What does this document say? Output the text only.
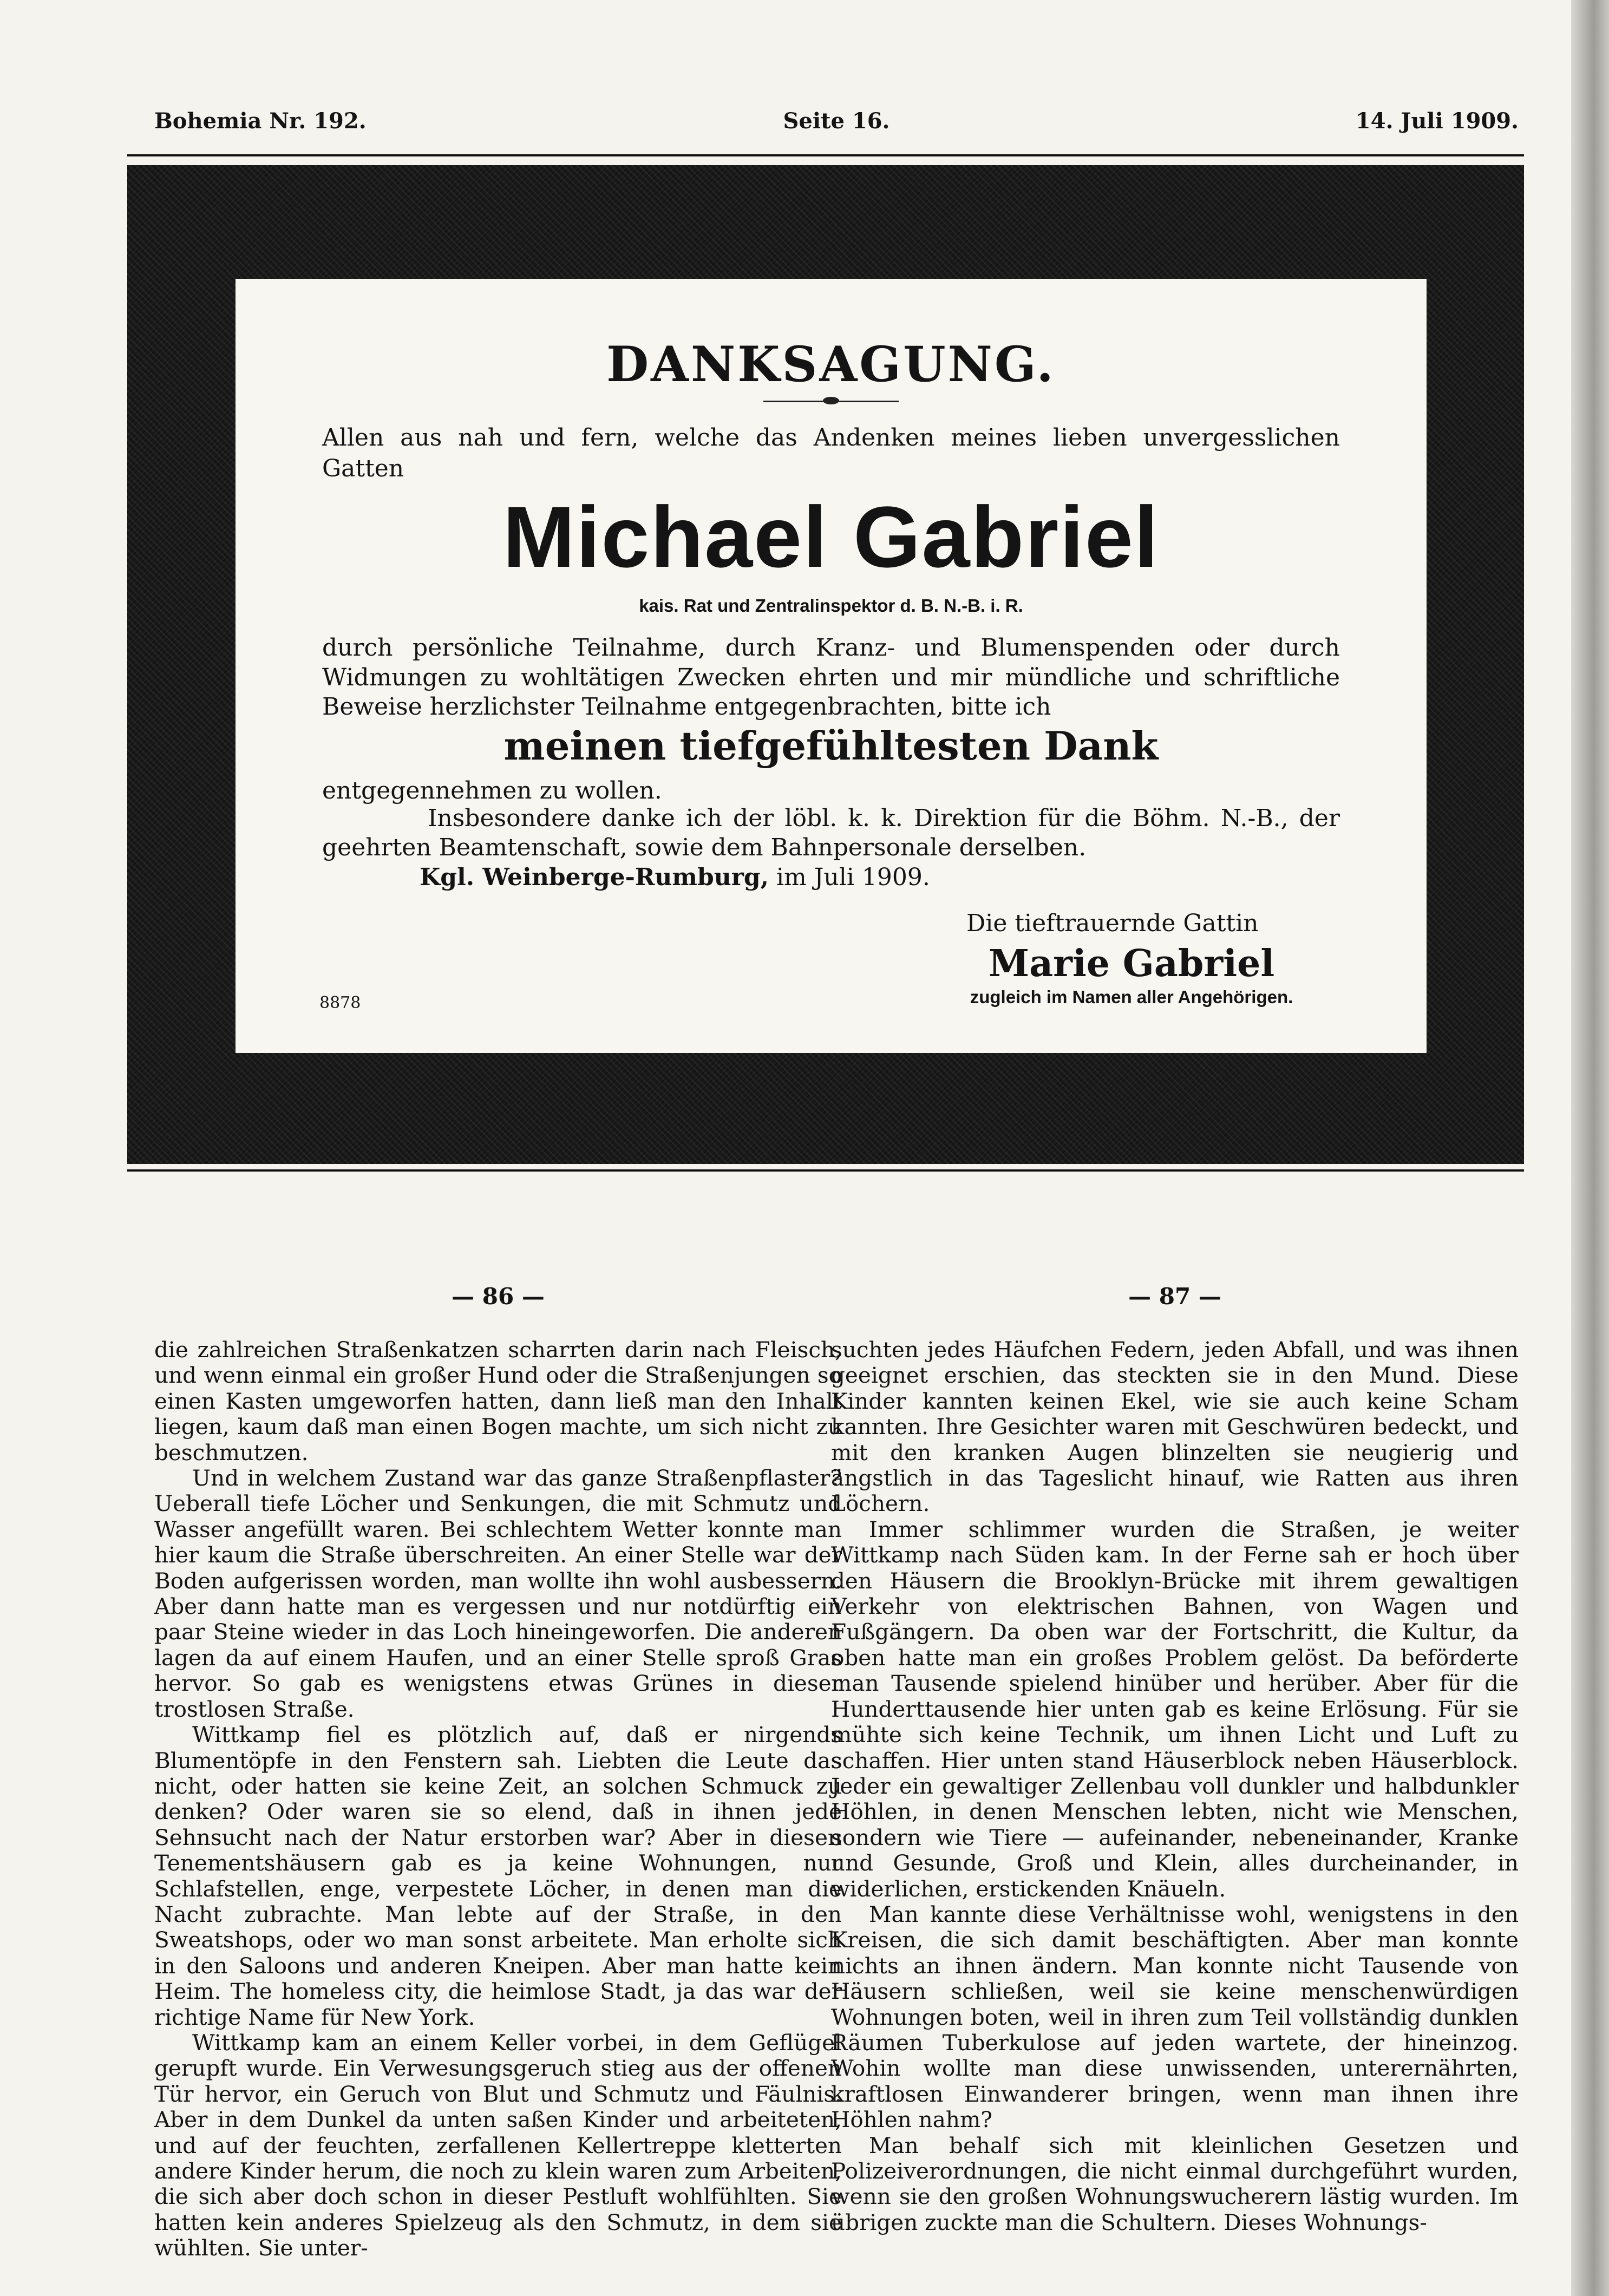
Bohemia Nr. 192.	Seite 16.	14. Juli 1909.
DANKSAGUNG.
Allen aus nah und fern, welche das Andenken meines lieben unvergesslichen Gatten
Michael Gabriel
kais. Rat und Zentralinspektor d. B. N.-B. i. R.
durch persönliche Teilnahme, durch Kranz- und Blumenspenden oder durch Widmungen zu wohltätigen Zwecken ehrten und mir mündliche und schriftliche Beweise herzlichster Teilnahme entgegenbrachten, bitte ich
meinen tiefgefühltesten Dank
entgegennehmen zu wollen.
Insbesondere danke ich der löbl. k. k. Direktion für die Böhm. N.-B., der geehrten Beamtenschaft, sowie dem Bahnpersonale derselben.
Kgl. Weinberge-Rumburg, im Juli 1909.
Die tieftrauernde Gattin
Marie Gabriel
zugleich im Namen aller Angehörigen.
8878
— 86 —	— 87 —

die zahlreichen Straßenkatzen scharrten darin nach Fleisch, und wenn einmal ein großer Hund oder die Straßenjungen so einen Kasten umgeworfen hatten, dann ließ man den Inhalt liegen, kaum daß man einen Bogen machte, um sich nicht zu beschmutzen.

Und in welchem Zustand war das ganze Straßenpflaster? Ueberall tiefe Löcher und Senkungen, die mit Schmutz und Wasser angefüllt waren. Bei schlechtem Wetter konnte man hier kaum die Straße überschreiten. An einer Stelle war der Boden aufgerissen worden, man wollte ihn wohl ausbessern. Aber dann hatte man es vergessen und nur notdürftig ein paar Steine wieder in das Loch hineingeworfen. Die anderen lagen da auf einem Haufen, und an einer Stelle sproß Gras hervor. So gab es wenigstens etwas Grünes in dieser trostlosen Straße.

Wittkamp fiel es plötzlich auf, daß er nirgends Blumentöpfe in den Fenstern sah. Liebten die Leute das nicht, oder hatten sie keine Zeit, an solchen Schmuck zu denken? Oder waren sie so elend, daß in ihnen jede Sehnsucht nach der Natur erstorben war? Aber in diesen Tenementshäusern gab es ja keine Wohnungen, nur Schlafstellen, enge, verpestete Löcher, in denen man die Nacht zubrachte. Man lebte auf der Straße, in den Sweatshops, oder wo man sonst arbeitete. Man erholte sich in den Saloons und anderen Kneipen. Aber man hatte kein Heim. The homeless city, die heimlose Stadt, ja das war der richtige Name für New York.

Wittkamp kam an einem Keller vorbei, in dem Geflügel gerupft wurde. Ein Verwesungsgeruch stieg aus der offenen Tür hervor, ein Geruch von Blut und Schmutz und Fäulnis. Aber in dem Dunkel da unten saßen Kinder und arbeiteten, und auf der feuchten, zerfallenen Kellertreppe kletterten andere Kinder herum, die noch zu klein waren zum Arbeiten, die sich aber doch schon in dieser Pestluft wohlfühlten. Sie hatten kein anderes Spielzeug als den Schmutz, in dem sie wühlten. Sie unter-

suchten jedes Häufchen Federn, jeden Abfall, und was ihnen geeignet erschien, das steckten sie in den Mund. Diese Kinder kannten keinen Ekel, wie sie auch keine Scham kannten. Ihre Gesichter waren mit Geschwüren bedeckt, und mit den kranken Augen blinzelten sie neugierig und ängstlich in das Tageslicht hinauf, wie Ratten aus ihren Löchern.

Immer schlimmer wurden die Straßen, je weiter Wittkamp nach Süden kam. In der Ferne sah er hoch über den Häusern die Brooklyn-Brücke mit ihrem gewaltigen Verkehr von elektrischen Bahnen, von Wagen und Fußgängern. Da oben war der Fortschritt, die Kultur, da oben hatte man ein großes Problem gelöst. Da beförderte man Tausende spielend hinüber und herüber. Aber für die Hunderttausende hier unten gab es keine Erlösung. Für sie mühte sich keine Technik, um ihnen Licht und Luft zu schaffen. Hier unten stand Häuserblock neben Häuserblock. Jeder ein gewaltiger Zellenbau voll dunkler und halbdunkler Höhlen, in denen Menschen lebten, nicht wie Menschen, sondern wie Tiere — aufeinander, nebeneinander, Kranke und Gesunde, Groß und Klein, alles durcheinander, in widerlichen, erstickenden Knäueln.

Man kannte diese Verhältnisse wohl, wenigstens in den Kreisen, die sich damit beschäftigten. Aber man konnte nichts an ihnen ändern. Man konnte nicht Tausende von Häusern schließen, weil sie keine menschenwürdigen Wohnungen boten, weil in ihren zum Teil vollständig dunklen Räumen Tuberkulose auf jeden wartete, der hineinzog. Wohin wollte man diese unwissenden, unterernährten, kraftlosen Einwanderer bringen, wenn man ihnen ihre Höhlen nahm?

Man behalf sich mit kleinlichen Gesetzen und Polizeiverordnungen, die nicht einmal durchgeführt wurden, wenn sie den großen Wohnungswucherern lästig wurden. Im übrigen zuckte man die Schultern. Dieses Wohnungs-
